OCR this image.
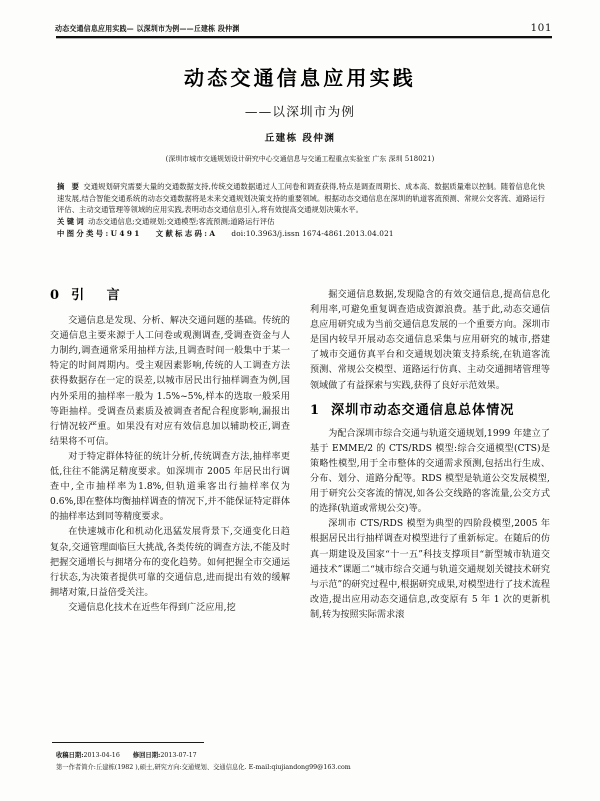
动态交通信息应用实践— 以深圳市为例——丘建栋 段仲渊	101
动态交通信息应用实践
——以深圳市为例
丘建栋 段仲渊
(深圳市城市交通规划设计研究中心交通信息与交通工程重点实验室 广东 深圳 518021)

摘 要 交通规划研究需要大量的交通数据支持,传统交通数据通过人工问卷和调查获得,特点是调查周期长、成本高、数据质量难以控制。随着信息化快速发展,结合智能交通系统的动态交通数据将是未来交通规划决策支持的重要领域。根据动态交通信息在深圳的轨道客流预测、常规公交客流、道路运行评估、主动交通管理等领域的应用实践,表明动态交通信息引入,将有效提高交通规划决策水平。

关键词 动态交通信息;交通规划;交通模型;客流预测;道路运行评估

中图分类号:U491 文献标志码:A doi:10.3963/j.issn 1674-4861.2013.04.021

0 引 言

交通信息是发现、分析、解决交通问题的基础。传统的交通信息主要来源于人工问卷或观测调查,受调查资金与人力制约,调查通常采用抽样方法,且调查时间一般集中于某一特定的时间周期内。受主观因素影响,传统的人工调查方法获得数据存在一定的误差,以城市居民出行抽样调查为例,国内外采用的抽样率一般为 1.5%~5%,样本的选取一般采用等距抽样。受调查员素质及被调查者配合程度影响,漏报出行情况较严重。如果没有对应有效信息加以辅助校正,调查结果将不可信。

对于特定群体特征的统计分析,传统调查方法,抽样率更低,往往不能满足精度要求。如深圳市 2005 年居民出行调查中,全市抽样率为1.8%,但轨道乘客出行抽样率仅为 0.6%,即在整体均衡抽样调查的情况下,并不能保证特定群体的抽样率达到同等精度要求。

在快速城市化和机动化迅猛发展背景下,交通变化日趋复杂,交通管理面临巨大挑战,各类传统的调查方法,不能及时把握交通增长与拥堵分布的变化趋势。如何把握全市交通运行状态,为决策者提供可靠的交通信息,进而提出有效的缓解拥堵对策,日益倍受关注。

交通信息化技术在近些年得到广泛应用,挖

掘交通信息数据,发现隐含的有效交通信息,提高信息化利用率,可避免重复调查造成资源浪费。基于此,动态交通信息应用研究成为当前交通信息发展的一个重要方向。深圳市是国内较早开展动态交通信息采集与应用研究的城市,搭建了城市交通仿真平台和交通规划决策支持系统,在轨道客流预测、常规公交模型、道路运行仿真、主动交通拥堵管理等领域做了有益探索与实践,获得了良好示范效果。

1 深圳市动态交通信息总体情况

为配合深圳市综合交通与轨道交通规划,1999 年建立了基于 EMME/2 的 CTS/RDS 模型:综合交通模型(CTS)是策略性模型,用于全市整体的交通需求预测,包括出行生成、分布、划分、道路分配等。RDS 模型是轨道公交发展模型,用于研究公交客流的情况,如各公交线路的客流量,公交方式的选择(轨道或常规公交)等。

深圳市 CTS/RDS 模型为典型的四阶段模型,2005 年根据居民出行抽样调查对模型进行了重新标定。在随后的仿真一期建设及国家“十一五”科技支撑项目“新型城市轨道交通技术”课题二“城市综合交通与轨道交通规划关键技术研究与示范”的研究过程中,根据研究成果,对模型进行了技术流程改造,提出应用动态交通信息,改变原有 5 年 1 次的更新机制,转为按照实际需求滚

收稿日期:2013-04-16 修回日期:2013-07-17
第一作者简介:丘建栋(1982 ),硕士,研究方向:交通规划、交通信息化. E-mail:qiujiandong99@163.com
